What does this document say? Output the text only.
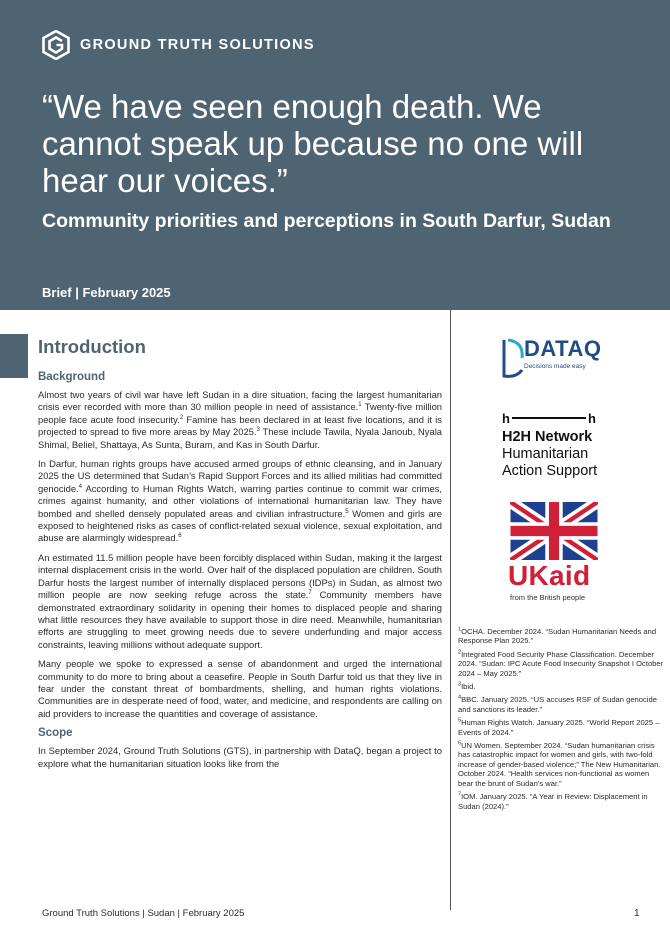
GROUND TRUTH SOLUTIONS
“We have seen enough death. We cannot speak up because no one will hear our voices.”
Community priorities and perceptions in South Darfur, Sudan
Brief | February 2025
Introduction
Background

Almost two years of civil war have left Sudan in a dire situation, facing the largest humanitarian crisis ever recorded with more than 30 million people in need of assistance.$^1$ Twenty-five million people face acute food insecurity.$^2$ Famine has been declared in at least five locations, and it is projected to spread to five more areas by May 2025.$^3$ These include Tawila, Nyala Janoub, Nyala Shimal, Beliel, Shattaya, As Sunta, Buram, and Kas in South Darfur.

In Darfur, human rights groups have accused armed groups of ethnic cleansing, and in January 2025 the US determined that Sudan’s Rapid Support Forces and its allied militias had committed genocide.$^4$ According to Human Rights Watch, warring parties continue to commit war crimes, crimes against humanity, and other violations of international humanitarian law. They have bombed and shelled densely populated areas and civilian infrastructure.$^5$ Women and girls are exposed to heightened risks as cases of conflict-related sexual violence, sexual exploitation, and abuse are alarmingly widespread.$^6$

An estimated 11.5 million people have been forcibly displaced within Sudan, making it the largest internal displacement crisis in the world. Over half of the displaced population are children. South Darfur hosts the largest number of internally displaced persons (IDPs) in Sudan, as almost two million people are now seeking refuge across the state.$^7$ Community members have demonstrated extraordinary solidarity in opening their homes to displaced people and sharing what little resources they have available to support those in dire need. Meanwhile, humanitarian efforts are struggling to meet growing needs due to severe underfunding and major access constraints, leaving millions without adequate support.

Many people we spoke to expressed a sense of abandonment and urged the international community to do more to bring about a ceasefire. People in South Darfur told us that they live in fear under the constant threat of bombardments, shelling, and human rights violations. Communities are in desperate need of food, water, and medicine, and respondents are calling on aid providers to increase the quantities and coverage of assistance.

Scope

In September 2024, Ground Truth Solutions (GTS), in partnership with DataQ, began a project to explore what the humanitarian situation looks like from the

DATAQ
Decisions made easy
h	h
H2H Network
Humanitarian
Action Support
UKaid
from the British people
$^1$OCHA. December 2024. “Sudan Humanitarian Needs and Response Plan 2025.”
$^2$Integrated Food Security Phase Classification. December 2024. “Sudan: IPC Acute Food Insecurity Snapshot I October 2024 – May 2025.”
$^3$Ibid.
$^4$BBC. January 2025. “US accuses RSF of Sudan genocide and sanctions its leader.”
$^5$Human Rights Watch. January 2025. “World Report 2025 – Events of 2024.”
$^6$UN Women. September 2024. “Sudan humanitarian crisis has catastrophic impact for women and girls, with two-fold increase of gender-based violence;” The New Humanitarian. October 2024. “Health services non-functional as women bear the brunt of Sudan’s war.”
$^7$IOM. January 2025. “A Year in Review: Displacement in Sudan (2024).”
Ground Truth Solutions | Sudan | February 2025	1
